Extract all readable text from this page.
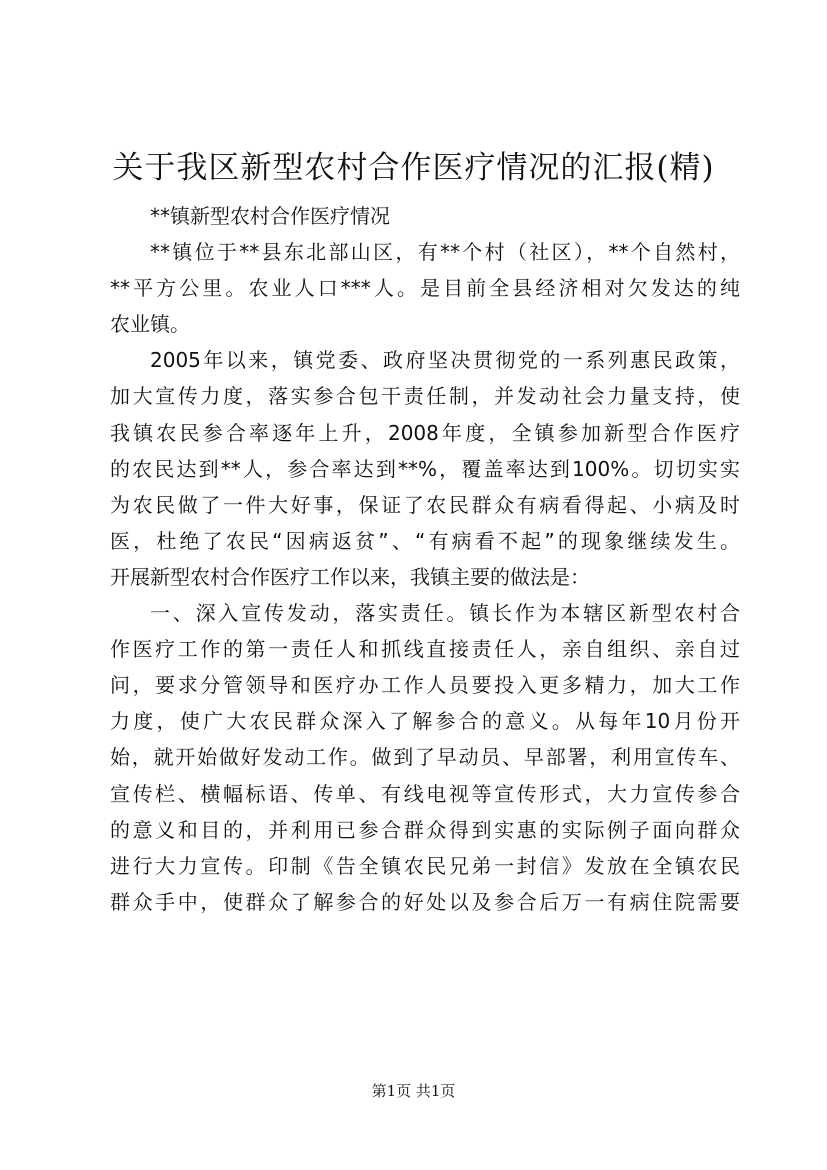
关于我区新型农村合作医疗情况的汇报(精)
**镇新型农村合作医疗情况
**镇位于**县东北部山区，有**个村（社区），**个自然村，
**平方公里。农业人口***人。是目前全县经济相对欠发达的纯
农业镇。
2005年以来，镇党委、政府坚决贯彻党的一系列惠民政策，
加大宣传力度，落实参合包干责任制，并发动社会力量支持，使
我镇农民参合率逐年上升，2008年度，全镇参加新型合作医疗
的农民达到**人，参合率达到**%，覆盖率达到100%。切切实实
为农民做了一件大好事，保证了农民群众有病看得起、小病及时
医，杜绝了农民“因病返贫”、“有病看不起”的现象继续发生。
开展新型农村合作医疗工作以来，我镇主要的做法是：
一、深入宣传发动，落实责任。镇长作为本辖区新型农村合
作医疗工作的第一责任人和抓线直接责任人，亲自组织、亲自过
问，要求分管领导和医疗办工作人员要投入更多精力，加大工作
力度，使广大农民群众深入了解参合的意义。从每年10月份开
始，就开始做好发动工作。做到了早动员、早部署，利用宣传车、
宣传栏、横幅标语、传单、有线电视等宣传形式，大力宣传参合
的意义和目的，并利用已参合群众得到实惠的实际例子面向群众
进行大力宣传。印制《告全镇农民兄弟一封信》发放在全镇农民
群众手中，使群众了解参合的好处以及参合后万一有病住院需要
第1页 共1页
